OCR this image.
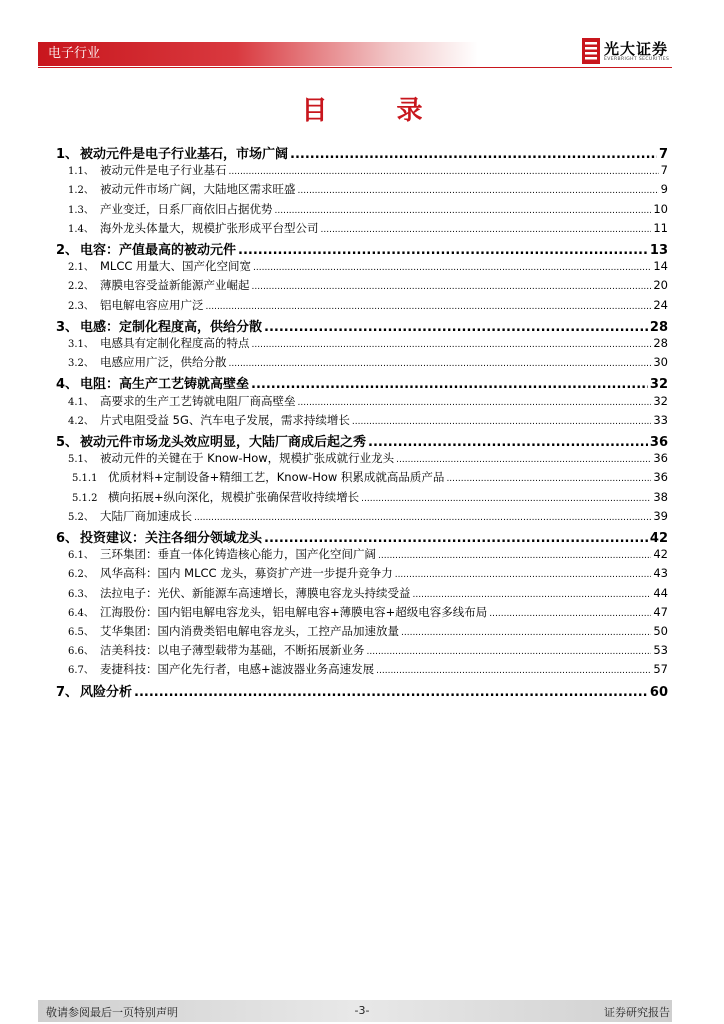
电子行业	光大证券
EVERBRIGHT SECURITIES
目 录
1、 被动元件是电子行业基石，市场广阔 .....	7
1.1、 被动元件是电子行业基石 .....	7
1.2、 被动元件市场广阔，大陆地区需求旺盛 .....	9
1.3、 产业变迁，日系厂商依旧占据优势 .....	10
1.4、 海外龙头体量大，规模扩张形成平台型公司 .....	11
2、 电容：产值最高的被动元件 .....	13
2.1、 MLCC 用量大、国产化空间宽 .....	14
2.2、 薄膜电容受益新能源产业崛起 .....	20
2.3、 铝电解电容应用广泛 .....	24
3、 电感：定制化程度高，供给分散 .....	28
3.1、 电感具有定制化程度高的特点 .....	28
3.2、 电感应用广泛，供给分散 .....	30
4、 电阻：高生产工艺铸就高壁垒 .....	32
4.1、 高要求的生产工艺铸就电阻厂商高壁垒 .....	32
4.2、 片式电阻受益 5G、汽车电子发展，需求持续增长 .....	33
5、 被动元件市场龙头效应明显，大陆厂商成后起之秀 .....	36
5.1、 被动元件的关键在于 Know-How，规模扩张成就行业龙头 .....	36
5.1.1 优质材料+定制设备+精细工艺，Know-How 积累成就高品质产品 .....	36
5.1.2 横向拓展+纵向深化，规模扩张确保营收持续增长 .....	38
5.2、 大陆厂商加速成长 .....	39
6、 投资建议：关注各细分领域龙头 .....	42
6.1、 三环集团：垂直一体化铸造核心能力，国产化空间广阔 .....	42
6.2、 风华高科：国内 MLCC 龙头，募资扩产进一步提升竞争力 .....	43
6.3、 法拉电子：光伏、新能源车高速增长，薄膜电容龙头持续受益 .....	44
6.4、 江海股份：国内铝电解电容龙头，铝电解电容+薄膜电容+超级电容多线布局 .....	47
6.5、 艾华集团：国内消费类铝电解电容龙头，工控产品加速放量 .....	50
6.6、 洁美科技：以电子薄型载带为基础，不断拓展新业务 .....	53
6.7、 麦捷科技：国产化先行者，电感+滤波器业务高速发展 .....	57
7、 风险分析 .....	60
敬请参阅最后一页特别声明	-3-	证券研究报告
